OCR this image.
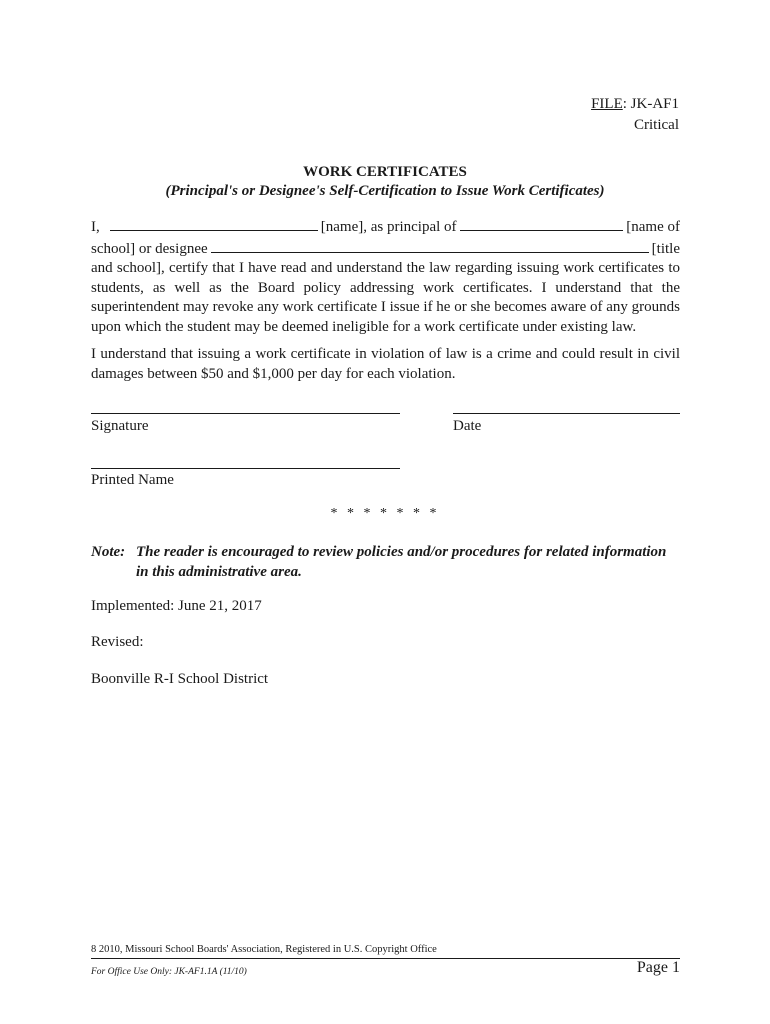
FILE: JK-AF1
Critical
WORK CERTIFICATES
(Principal's or Designee's Self-Certification to Issue Work Certificates)
I,	[name], as principal of	[name of
school] or designee	[title
and school], certify that I have read and understand the law regarding issuing work certificates to students, as well as the Board policy addressing work certificates. I understand that the superintendent may revoke any work certificate I issue if he or she becomes aware of any grounds upon which the student may be deemed ineligible for a work certificate under existing law.
I understand that issuing a work certificate in violation of law is a crime and could result in civil damages between $50 and $1,000 per day for each violation.
Signature	Date
Printed Name
* * * * * * *
Note: The reader is encouraged to review policies and/or procedures for related information in this administrative area.
Implemented: June 21, 2017
Revised:
Boonville R-I School District
8 2010, Missouri School Boards' Association, Registered in U.S. Copyright Office
For Office Use Only: JK-AF1.1A (11/10)	Page 1
